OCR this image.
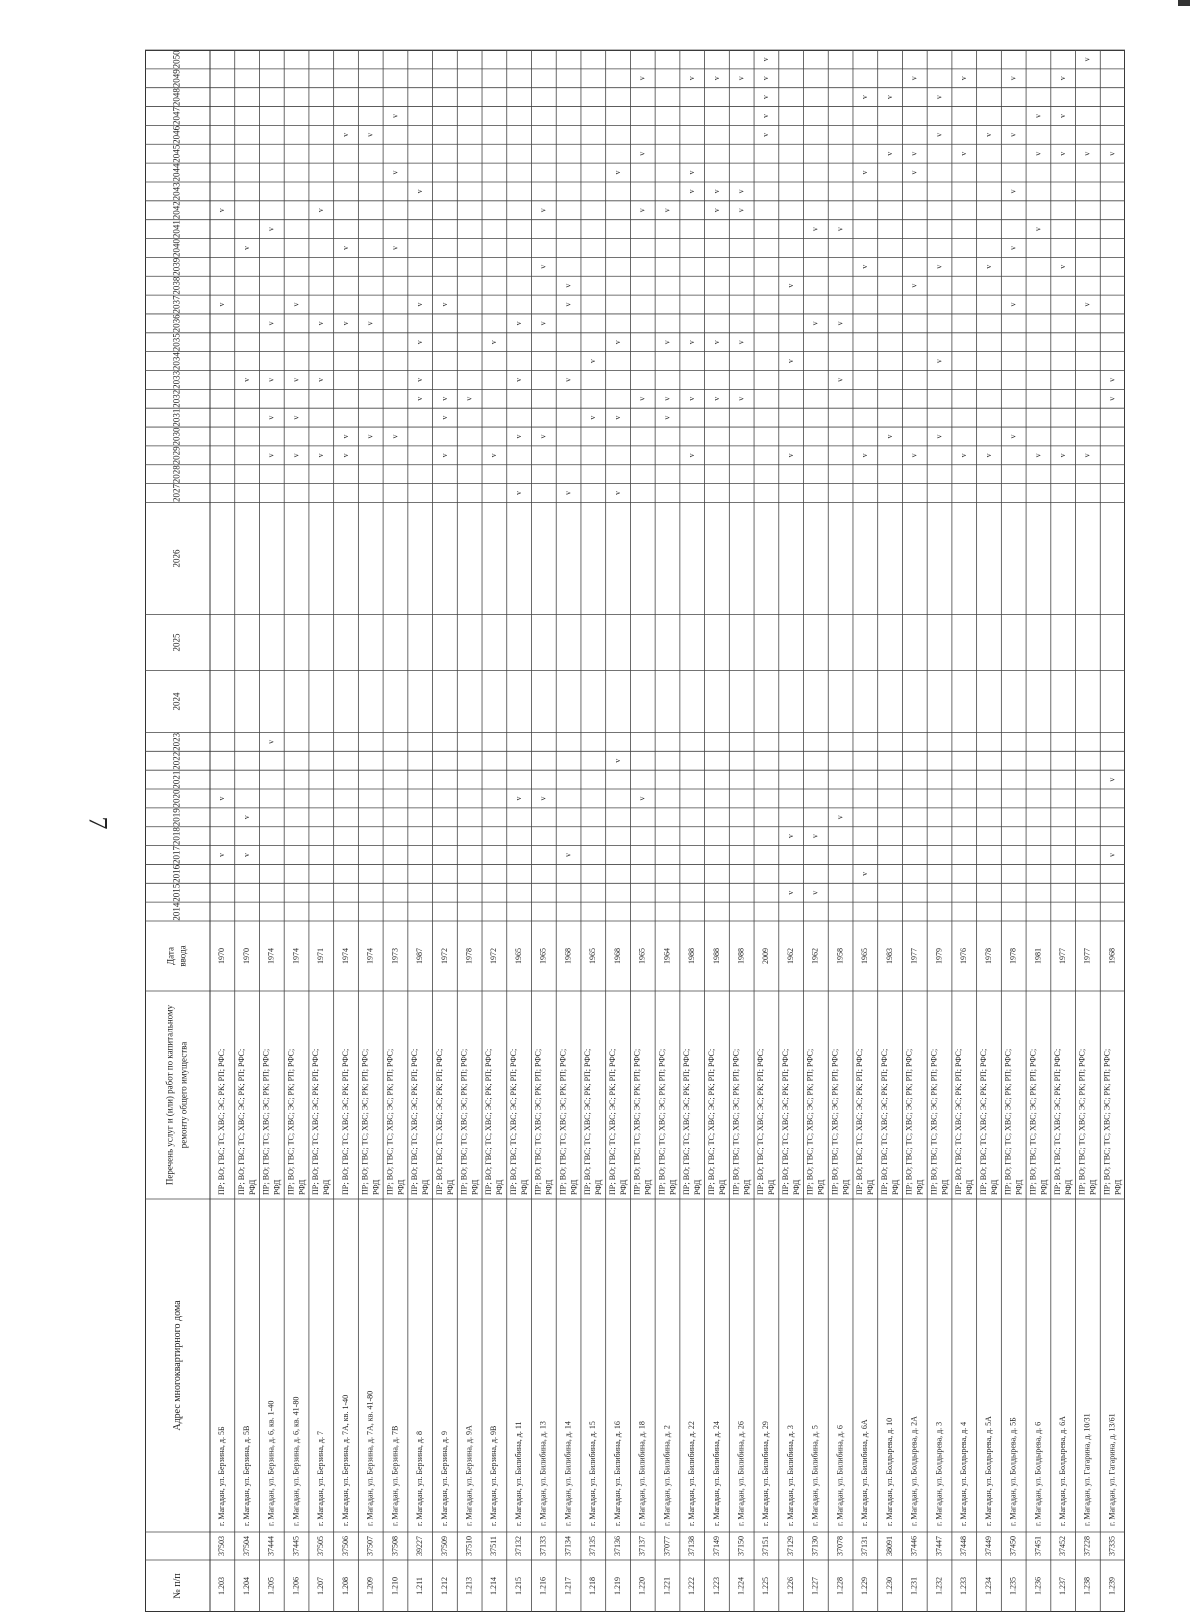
7
№ п/п
Адрес многоквартирного дома
Перечень услуг и (или) работ по капитальному ремонту общего имущества
Дата ввода
2014
2015
2016
2017
2018
2019
2020
2021
2022
2023
2024
2025
2026
2027
2028
2029
2030
2031
2032
2033
2034
2035
2036
2037
2038
2039
2040
2041
2042
2043
2044
2045
2046
2047
2048
2049
2050
1.203
37503
г. Магадан, ул. Берзина, д. 5Б
ПР; ВО; ГВС; ТС; ХВС; ЭС; РК; РП; РФС;
1970
v
v
v
v
1.204
37504
г. Магадан, ул. Берзина, д. 5В
ПР; ВО; ГВС; ТС; ХВС; ЭС; РК; РП; РФС; РФД
1970
v
v
v
v
1.205
37444
г. Магадан, ул. Берзина, д. 6, кв. 1-40
ПР; ВО; ГВС; ТС; ХВС; ЭС; РК; РП; РФС; РФД
1974
v
v
v
v
v
v
1.206
37445
г. Магадан, ул. Берзина, д. 6, кв. 41-80
ПР; ВО; ГВС; ТС; ХВС; ЭС; РК; РП; РФС; РФД
1974
v
v
v
v
1.207
37505
г. Магадан, ул. Берзина, д. 7
ПР; ВО; ГВС; ТС; ХВС; ЭС; РК; РП; РФС; РФД
1971
v
v
v
v
1.208
37506
г. Магадан, ул. Берзина, д. 7А, кв. 1-40
ПР; ВО; ГВС; ТС; ХВС; ЭС; РК; РП; РФС;
1974
v
v
v
v
v
1.209
37507
г. Магадан, ул. Берзина, д. 7А, кв. 41-80
ПР; ВО; ГВС; ТС; ХВС; ЭС; РК; РП; РФС; РФД
1974
v
v
v
1.210
37508
г. Магадан, ул. Берзина, д. 7В
ПР; ВО; ГВС; ТС; ХВС; ЭС; РК; РП; РФС; РФД
1973
v
v
v
v
1.211
39227
г. Магадан, ул. Берзина, д. 8
ПР; ВО; ГВС; ТС; ХВС; ЭС; РК; РП; РФС; РФД
1987
v
v
v
v
v
1.212
37509
г. Магадан, ул. Берзина, д. 9
ПР; ВО; ГВС; ТС; ХВС; ЭС; РК; РП; РФС; РФД
1972
v
v
v
v
1.213
37510
г. Магадан, ул. Берзина, д. 9А
ПР; ВО; ГВС; ТС; ХВС; ЭС; РК; РП; РФС; РФД
1978
v
1.214
37511
г. Магадан, ул. Берзина, д. 9В
ПР; ВО; ГВС; ТС; ХВС; ЭС; РК; РП; РФС; РФД
1972
v
v
1.215
37132
г. Магадан, ул. Билибина, д. 11
ПР; ВО; ГВС; ТС; ХВС; ЭС; РК; РП; РФС; РФД
1965
v
v
v
v
v
1.216
37133
г. Магадан, ул. Билибина, д. 13
ПР; ВО; ГВС; ТС; ХВС; ЭС; РК; РП; РФС; РФД
1965
v
v
v
v
v
1.217
37134
г. Магадан, ул. Билибина, д. 14
ПР; ВО; ГВС; ТС; ХВС; ЭС; РК; РП; РФС; РФД
1968
v
v
v
v
v
1.218
37135
г. Магадан, ул. Билибина, д. 15
ПР; ВО; ГВС; ТС; ХВС; ЭС; РК; РП; РФС; РФД
1965
v
v
1.219
37136
г. Магадан, ул. Билибина, д. 16
ПР; ВО; ГВС; ТС; ХВС; ЭС; РК; РП; РФС; РФД
1968
v
v
v
v
v
1.220
37137
г. Магадан, ул. Билибина, д. 18
ПР; ВО; ГВС; ТС; ХВС; ЭС; РК; РП; РФС; РФД
1965
v
v
v
v
v
1.221
37077
г. Магадан, ул. Билибина, д. 2
ПР; ВО; ГВС; ТС; ХВС; ЭС; РК; РП; РФС; РФД
1964
v
v
v
v
1.222
37138
г. Магадан, ул. Билибина, д. 22
ПР; ВО; ГВС; ТС; ХВС; ЭС; РК; РП; РФС; РФД
1988
v
v
v
v
v
v
1.223
37149
г. Магадан, ул. Билибина, д. 24
ПР; ВО; ГВС; ТС; ХВС; ЭС; РК; РП; РФС; РФД
1988
v
v
v
v
v
1.224
37150
г. Магадан, ул. Билибина, д. 26
ПР; ВО; ГВС; ТС; ХВС; ЭС; РК; РП; РФС; РФД
1988
v
v
v
v
v
1.225
37151
г. Магадан, ул. Билибина, д. 29
ПР; ВО; ГВС; ТС; ХВС; ЭС; РК; РП; РФС; РФД
2009
v
v
v
v
v
1.226
37129
г. Магадан, ул. Билибина, д. 3
ПР; ВО; ГВС; ТС; ХВС; ЭС; РК; РП; РФС; РФД
1962
v
v
v
v
v
1.227
37130
г. Магадан, ул. Билибина, д. 5
ПР; ВО; ГВС; ТС; ХВС; ЭС; РК; РП; РФС; РФД
1962
v
v
v
v
1.228
37078
г. Магадан, ул. Билибина, д. 6
ПР; ВО; ГВС; ТС; ХВС; ЭС; РК; РП; РФС; РФД
1958
v
v
v
v
1.229
37131
г. Магадан, ул. Билибина, д. 6А
ПР; ВО; ГВС; ТС; ХВС; ЭС; РК; РП; РФС; РФД
1965
v
v
v
v
v
1.230
38091
г. Магадан, ул. Болдырева, д. 10
ПР; ВО; ГВС; ТС; ХВС; ЭС; РК; РП; РФС; РФД
1983
v
v
v
1.231
37446
г. Магадан, ул. Болдырева, д. 2А
ПР; ВО; ГВС; ТС; ХВС; ЭС; РК; РП; РФС; РФД
1977
v
v
v
v
v
1.232
37447
г. Магадан, ул. Болдырева, д. 3
ПР; ВО; ГВС; ТС; ХВС; ЭС; РК; РП; РФС; РФД
1979
v
v
v
v
v
1.233
37448
г. Магадан, ул. Болдырева, д. 4
ПР; ВО; ГВС; ТС; ХВС; ЭС; РК; РП; РФС; РФД
1976
v
v
v
1.234
37449
г. Магадан, ул. Болдырева, д. 5А
ПР; ВО; ГВС; ТС; ХВС; ЭС; РК; РП; РФС; РФД
1978
v
v
v
1.235
37450
г. Магадан, ул. Болдырева, д. 5Б
ПР; ВО; ГВС; ТС; ХВС; ЭС; РК; РП; РФС; РФД
1978
v
v
v
v
v
v
1.236
37451
г. Магадан, ул. Болдырева, д. 6
ПР; ВО; ГВС; ТС; ХВС; ЭС; РК; РП; РФС; РФД
1981
v
v
v
v
1.237
37452
г. Магадан, ул. Болдырева, д. 6А
ПР; ВО; ГВС; ТС; ХВС; ЭС; РК; РП; РФС; РФД
1977
v
v
v
v
v
1.238
37228
г. Магадан, ул. Гагарина, д. 10/31
ПР; ВО; ГВС; ТС; ХВС; ЭС; РК; РП; РФС; РФД
1977
v
v
v
v
1.239
37335
г. Магадан, ул. Гагарина, д. 13/61
ПР; ВО; ГВС; ТС; ХВС; ЭС; РК; РП; РФС; РФД
1968
v
v
v
v
v
